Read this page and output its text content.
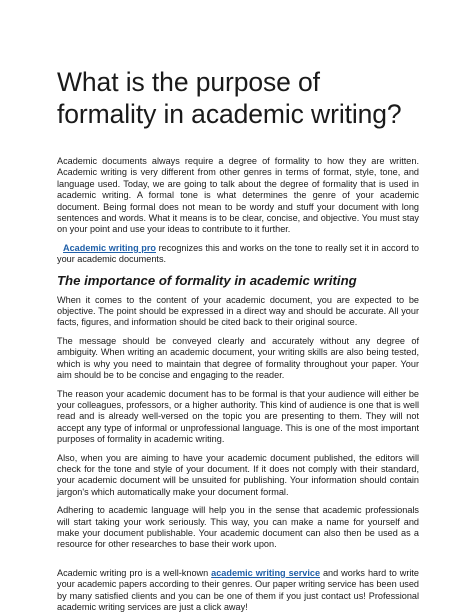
What is the purpose of formality in academic writing?

Academic documents always require a degree of formality to how they are written. Academic writing is very different from other genres in terms of format, style, tone, and language used. Today, we are going to talk about the degree of formality that is used in academic writing. A formal tone is what determines the genre of your academic document. Being formal does not mean to be wordy and stuff your document with long sentences and words. What it means is to be clear, concise, and objective. You must stay on your point and use your ideas to contribute to it further.

Academic writing pro recognizes this and works on the tone to really set it in accord to your academic documents.

The importance of formality in academic writing

When it comes to the content of your academic document, you are expected to be objective. The point should be expressed in a direct way and should be accurate. All your facts, figures, and information should be cited back to their original source.

The message should be conveyed clearly and accurately without any degree of ambiguity. When writing an academic document, your writing skills are also being tested, which is why you need to maintain that degree of formality throughout your paper. Your aim should be to be concise and engaging to the reader.

The reason your academic document has to be formal is that your audience will either be your colleagues, professors, or a higher authority. This kind of audience is one that is well read and is already well-versed on the topic you are presenting to them. They will not accept any type of informal or unprofessional language. This is one of the most important purposes of formality in academic writing.

Also, when you are aiming to have your academic document published, the editors will check for the tone and style of your document. If it does not comply with their standard, your academic document will be unsuited for publishing. Your information should contain jargon's which automatically make your document formal.

Adhering to academic language will help you in the sense that academic professionals will start taking your work seriously. This way, you can make a name for yourself and make your document publishable. Your academic document can also then be used as a resource for other researches to base their work upon.

Academic writing pro is a well-known academic writing service and works hard to write your academic papers according to their genres. Our paper writing service has been used by many satisfied clients and you can be one of them if you just contact us! Professional academic writing services are just a click away!
